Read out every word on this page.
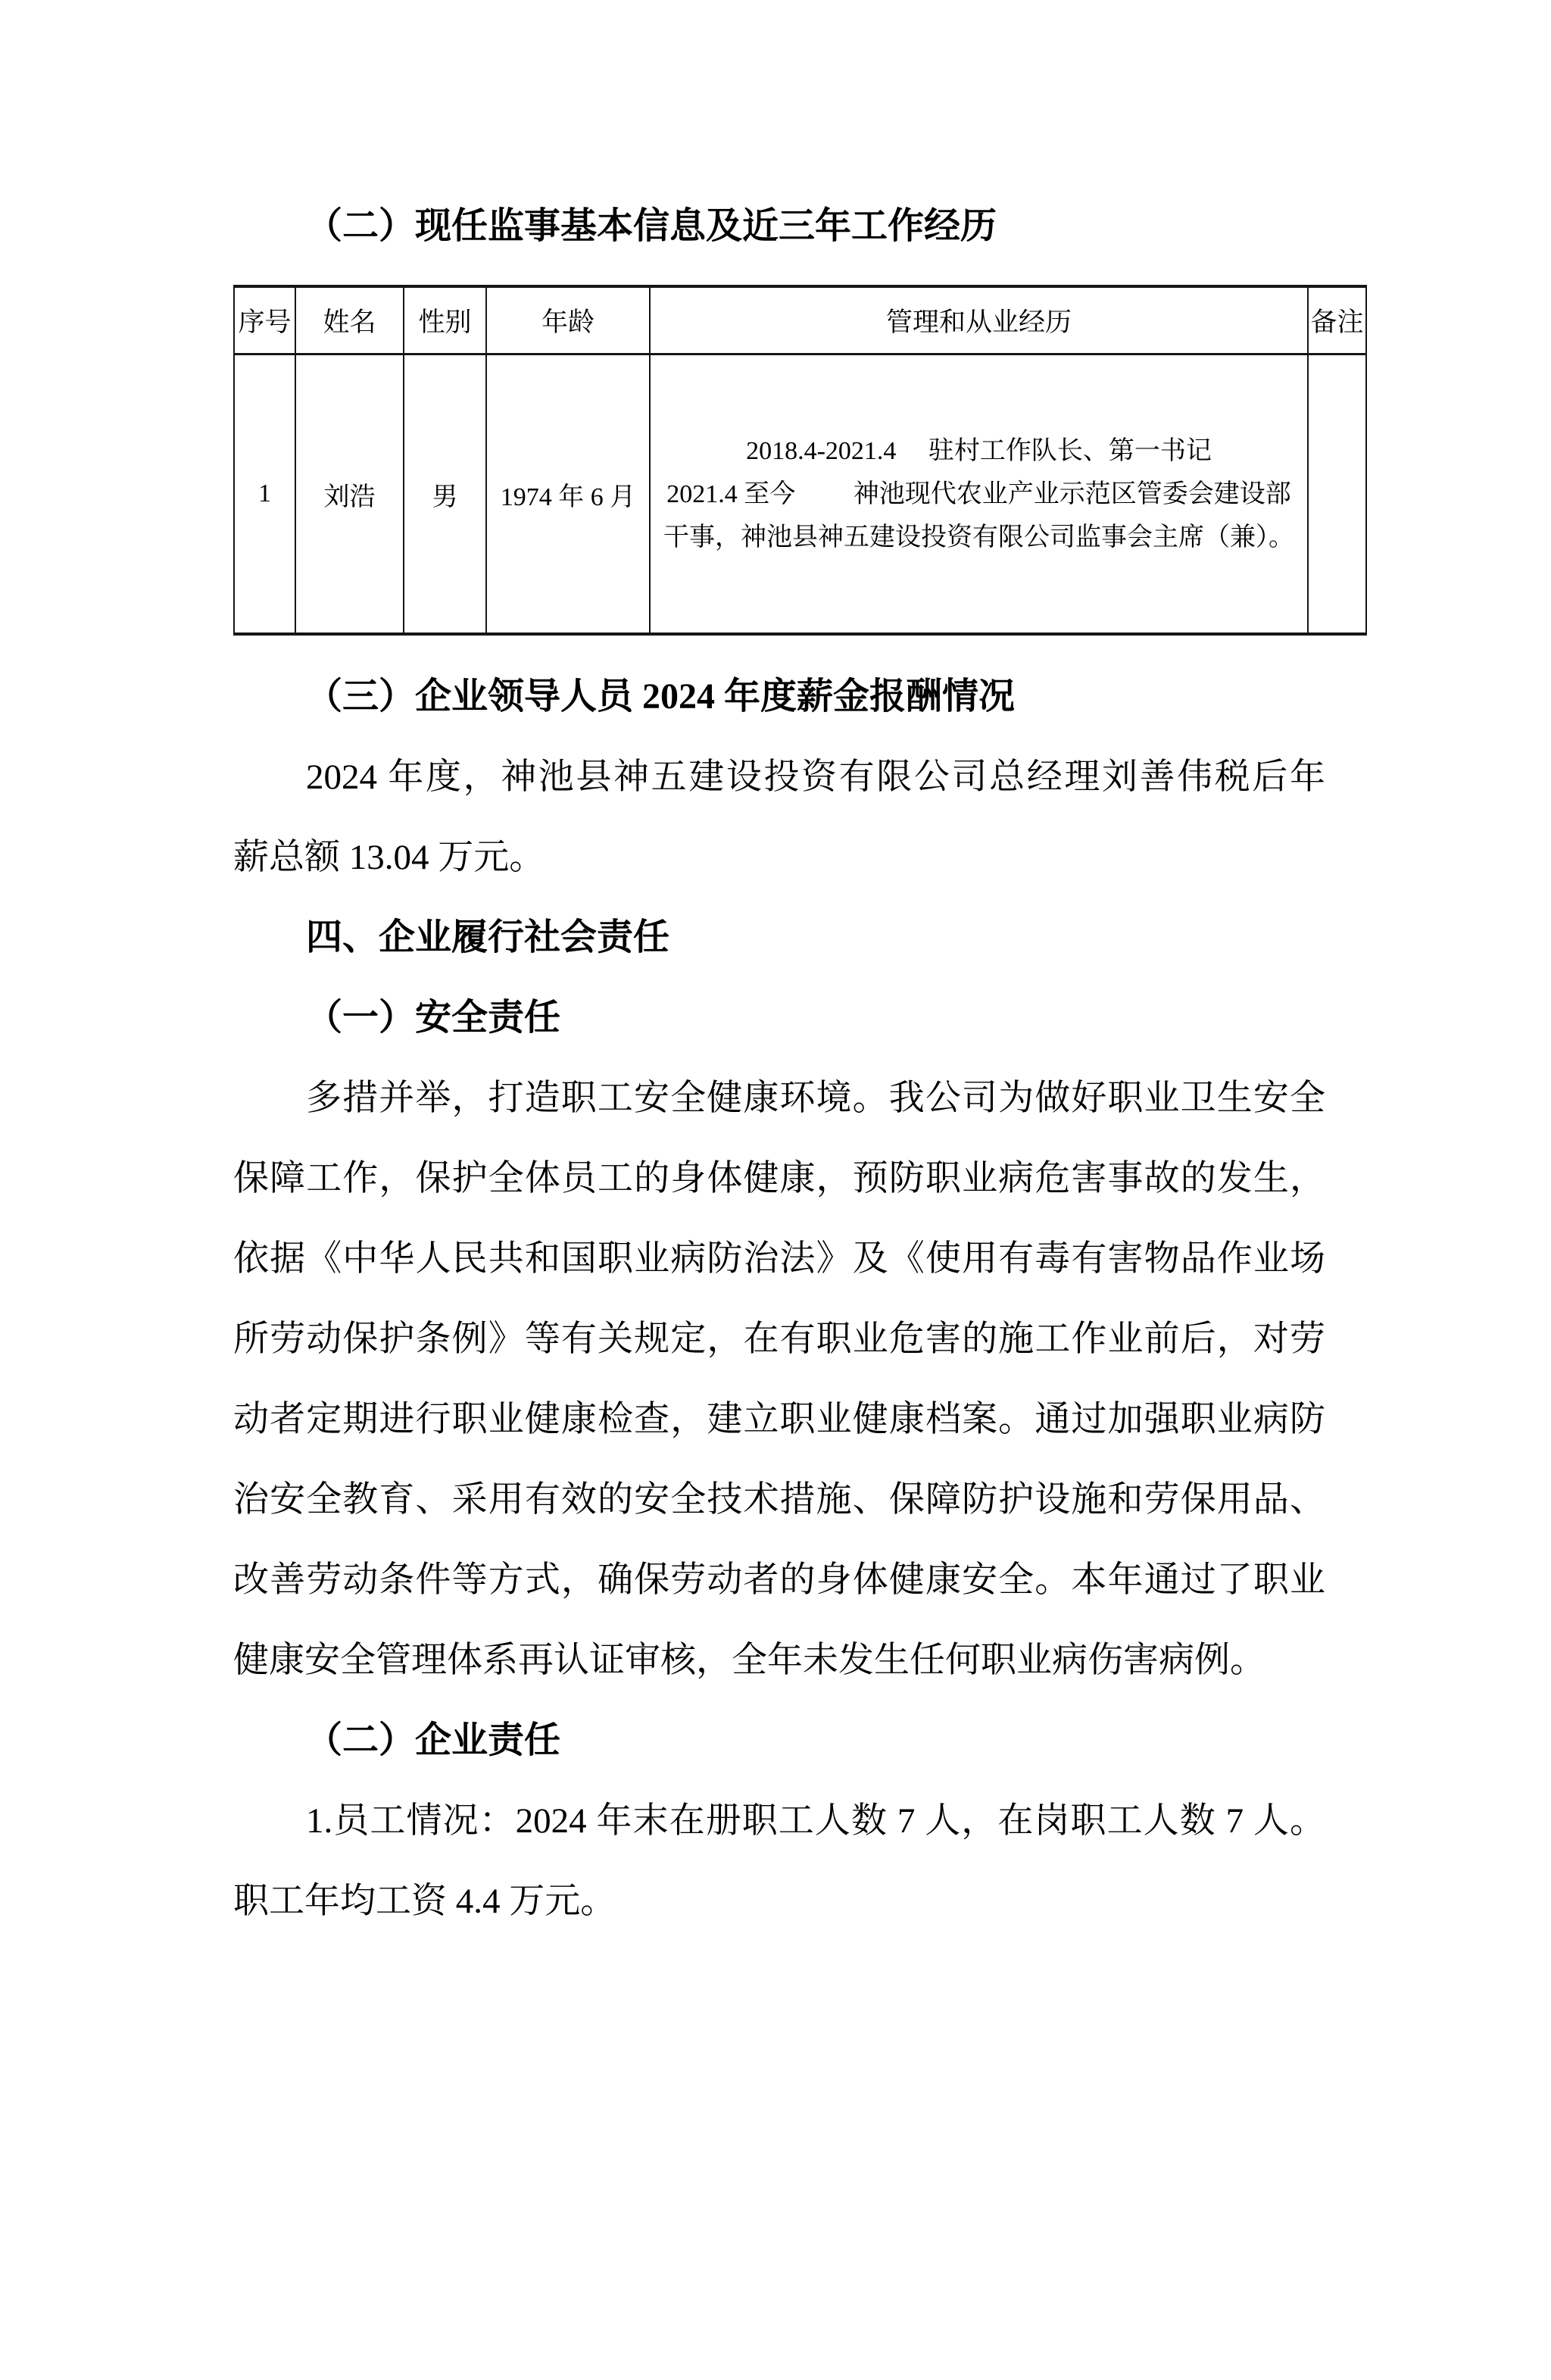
（二）现任监事基本信息及近三年工作经历
序号	姓名	性别	年龄	管理和从业经历	备注
1	刘浩	男	1974 年 6 月	2018.4-2021.4　 驻村工作队长、第一书记
2021.4 至今　　 神池现代农业产业示范区管委会建设部
干事，神池县神五建设投资有限公司监事会主席（兼）。	

（三）企业领导人员 2024 年度薪金报酬情况
2024 年度，神池县神五建设投资有限公司总经理刘善伟税后年
薪总额 13.04 万元。
四、企业履行社会责任
（一）安全责任
多措并举，打造职工安全健康环境。我公司为做好职业卫生安全
保障工作，保护全体员工的身体健康，预防职业病危害事故的发生，
依据《中华人民共和国职业病防治法》及《使用有毒有害物品作业场
所劳动保护条例》等有关规定，在有职业危害的施工作业前后，对劳
动者定期进行职业健康检查，建立职业健康档案。通过加强职业病防
治安全教育、采用有效的安全技术措施、保障防护设施和劳保用品、
改善劳动条件等方式，确保劳动者的身体健康安全。本年通过了职业
健康安全管理体系再认证审核，全年未发生任何职业病伤害病例。
（二）企业责任
1.员工情况：2024 年末在册职工人数 7 人，在岗职工人数 7 人。
职工年均工资 4.4 万元。
